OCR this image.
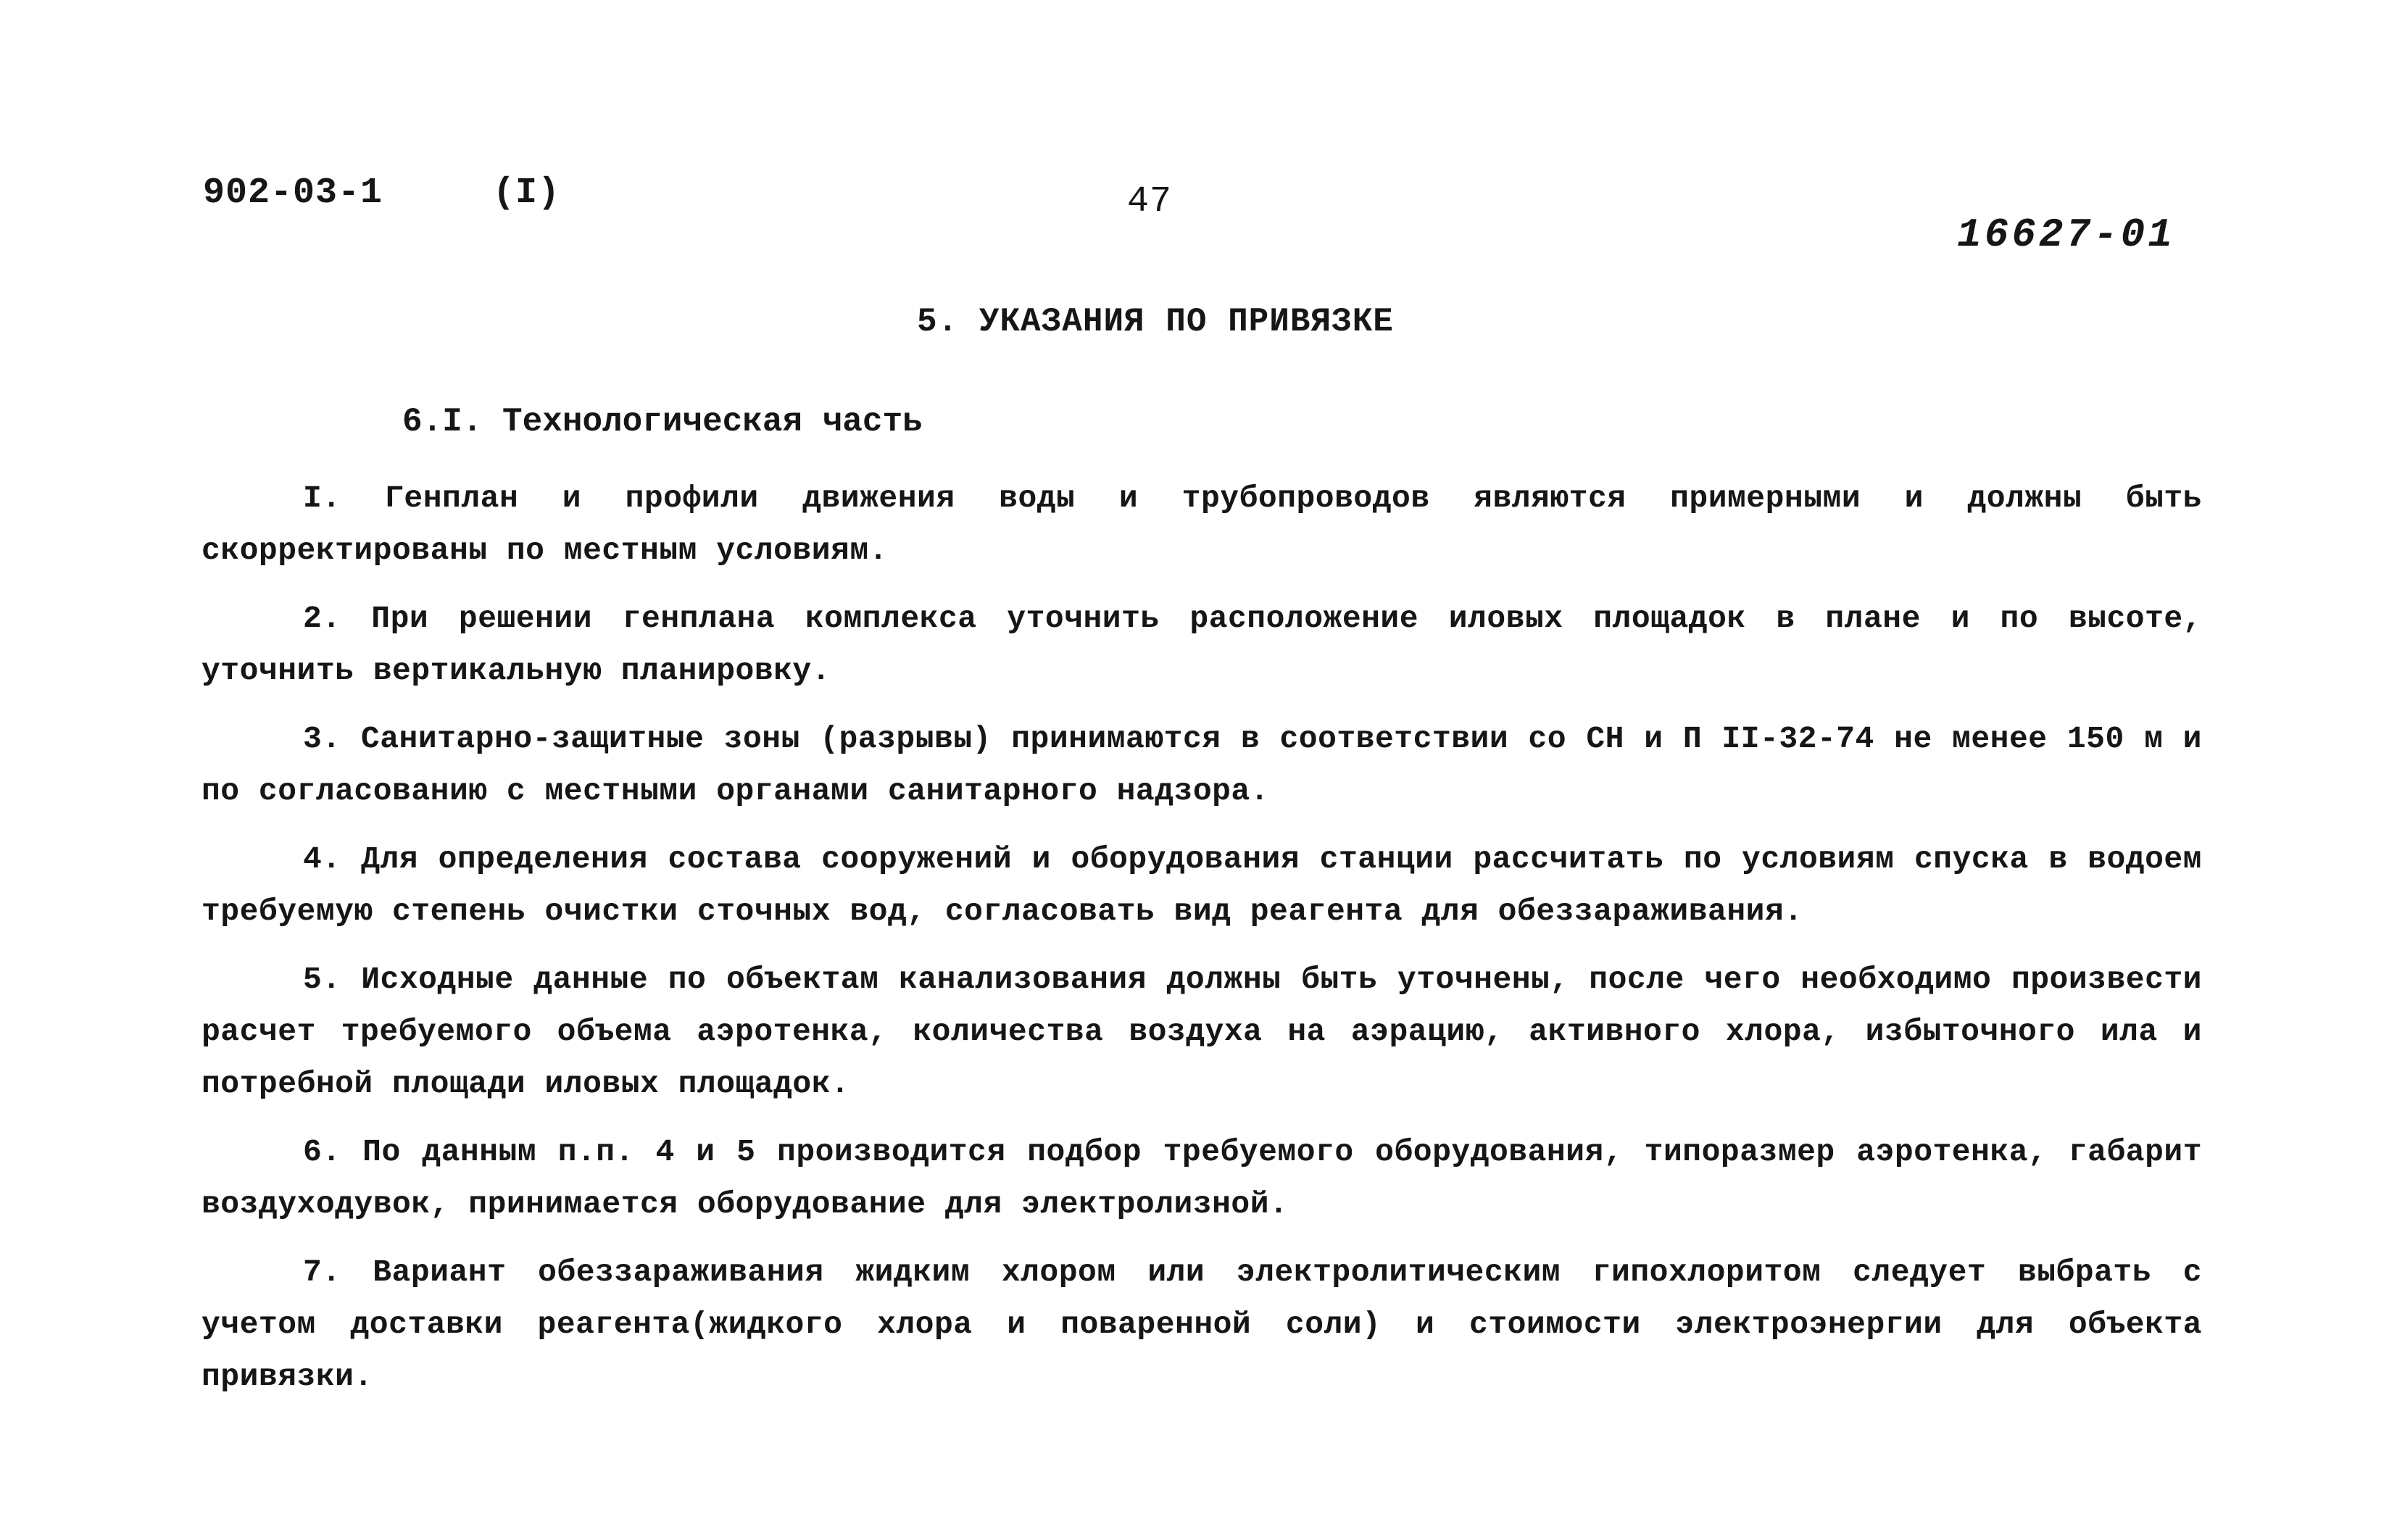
902-03-1	(I)	47
16627-01
5. УКАЗАНИЯ ПО ПРИВЯЗКЕ
6.I. Технологическая часть
I. Генплан и профили движения воды и трубопроводов являются примерными и должны быть скорректированы по местным условиям.
2. При решении генплана комплекса уточнить расположение иловых площадок в плане и по высоте, уточнить вертикальную планировку.
3. Санитарно-защитные зоны (разрывы) принимаются в соответствии со СН и П II-32-74 не менее 150 м и по согласованию с местными органами санитарного надзора.
4. Для определения состава сооружений и оборудования станции рассчитать по условиям спуска в водоем требуемую степень очистки сточных вод, согласовать вид реагента для обеззараживания.
5. Исходные данные по объектам канализования должны быть уточнены, после чего необходимо произвести расчет требуемого объема аэротенка, количества воздуха на аэрацию, активного хлора, избыточного ила и потребной площади иловых площадок.
6. По данным п.п. 4 и 5 производится подбор требуемого оборудования, типоразмер аэротенка, габарит воздуходувок, принимается оборудование для электролизной.
7. Вариант обеззараживания жидким хлором или электролитическим гипохлоритом следует выбрать с учетом доставки реагента(жидкого хлора и поваренной соли) и стоимости электроэнергии для объекта привязки.
